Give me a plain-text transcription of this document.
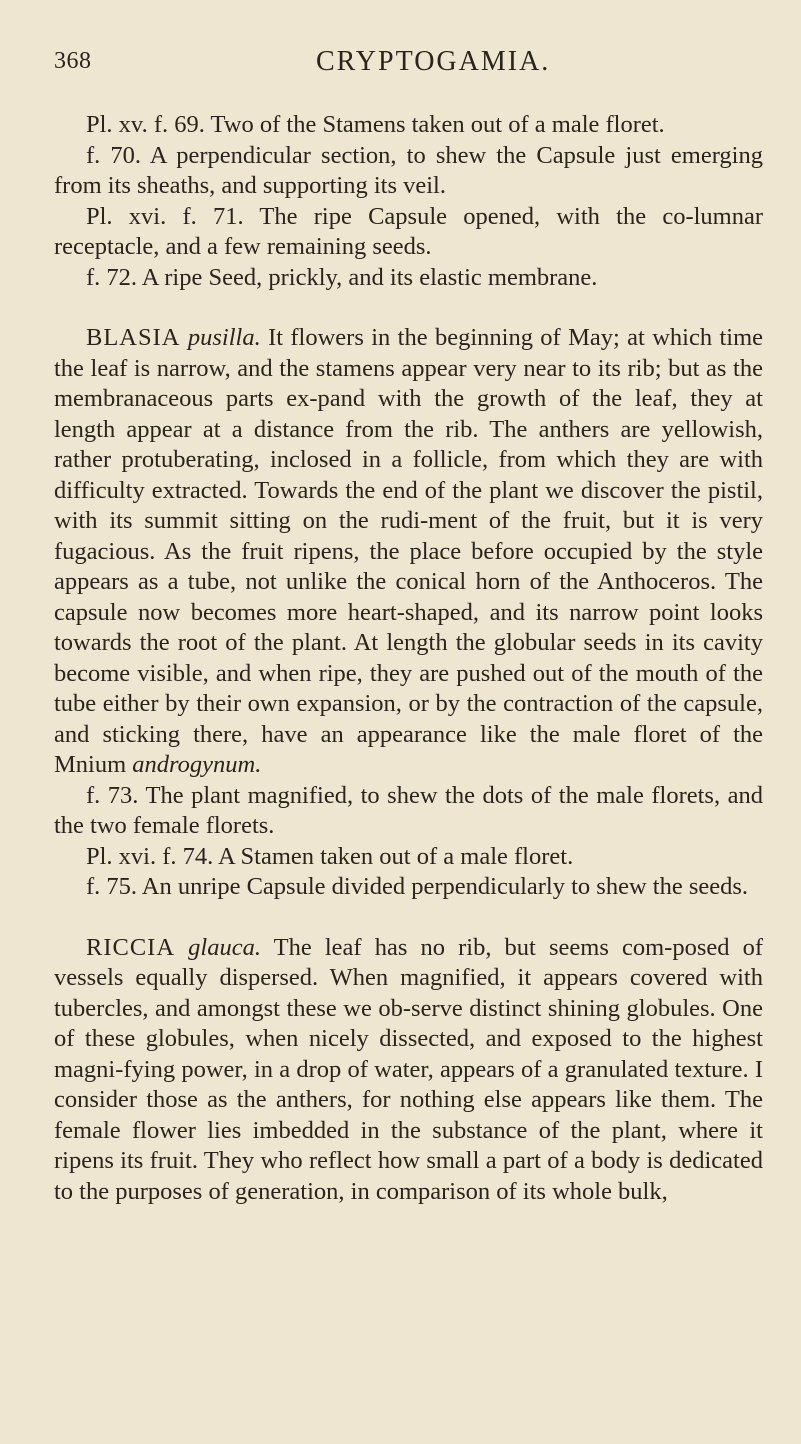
368	CRYPTOGAMIA.

Pl. xv. f. 69. Two of the Stamens taken out of a male floret.

f. 70. A perpendicular section, to shew the Capsule just emerging from its sheaths, and supporting its veil.

Pl. xvi. f. 71. The ripe Capsule opened, with the co-lumnar receptacle, and a few remaining seeds.

f. 72. A ripe Seed, prickly, and its elastic membrane.

BLASIA pusilla. It flowers in the beginning of May; at which time the leaf is narrow, and the stamens appear very near to its rib; but as the membranaceous parts ex-pand with the growth of the leaf, they at length appear at a distance from the rib. The anthers are yellowish, rather protuberating, inclosed in a follicle, from which they are with difficulty extracted. Towards the end of the plant we discover the pistil, with its summit sitting on the rudi-ment of the fruit, but it is very fugacious. As the fruit ripens, the place before occupied by the style appears as a tube, not unlike the conical horn of the Anthoceros. The capsule now becomes more heart-shaped, and its narrow point looks towards the root of the plant. At length the globular seeds in its cavity become visible, and when ripe, they are pushed out of the mouth of the tube either by their own expansion, or by the contraction of the capsule, and sticking there, have an appearance like the male floret of the Mnium androgynum.

f. 73. The plant magnified, to shew the dots of the male florets, and the two female florets.

Pl. xvi. f. 74. A Stamen taken out of a male floret.

f. 75. An unripe Capsule divided perpendicularly to shew the seeds.

RICCIA glauca. The leaf has no rib, but seems com-posed of vessels equally dispersed. When magnified, it appears covered with tubercles, and amongst these we ob-serve distinct shining globules. One of these globules, when nicely dissected, and exposed to the highest magni-fying power, in a drop of water, appears of a granulated texture. I consider those as the anthers, for nothing else appears like them. The female flower lies imbedded in the substance of the plant, where it ripens its fruit. They who reflect how small a part of a body is dedicated to the purposes of generation, in comparison of its whole bulk,
